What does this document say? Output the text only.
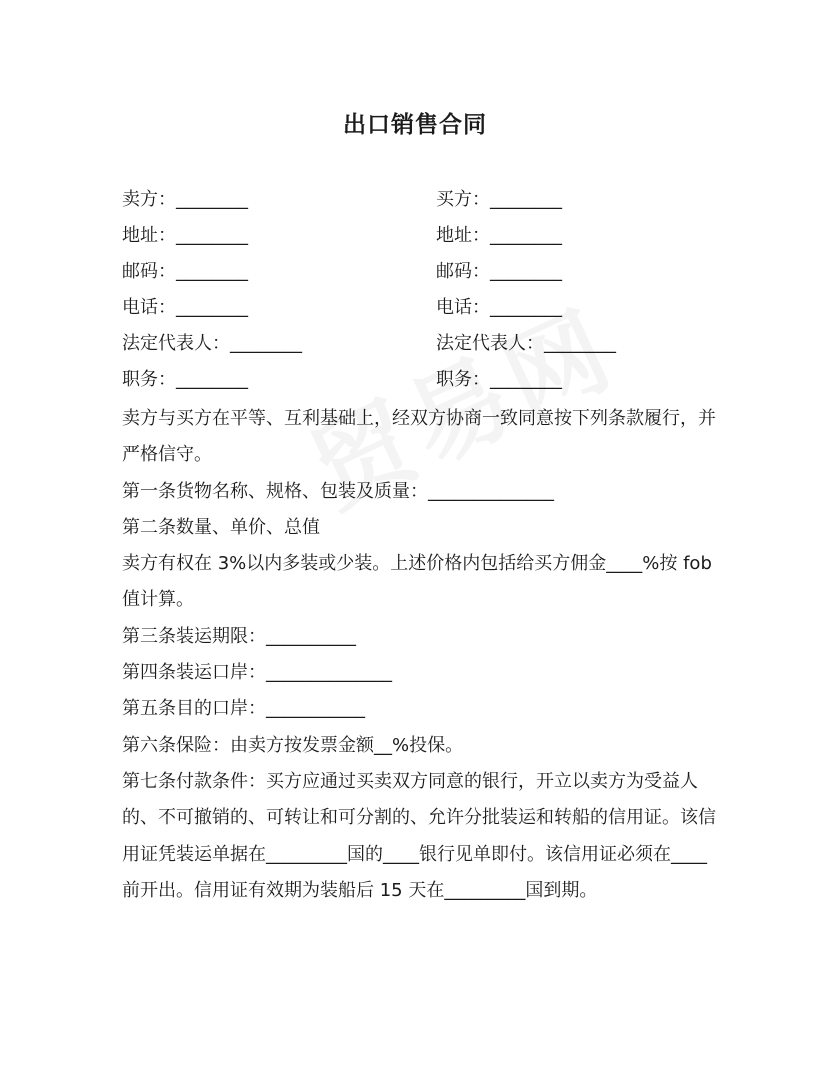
出口销售合同
卖方：________	买方：________
地址：________	地址：________
邮码：________	邮码：________
电话：________	电话：________
法定代表人：________	法定代表人：________
职务：________	职务：________

卖方与买方在平等、互利基础上，经双方协商一致同意按下列条款履行，并严格信守。

第一条货物名称、规格、包装及质量：______________

第二条数量、单价、总值

卖方有权在 3%以内多装或少装。上述价格内包括给买方佣金____%按 fob 值计算。

第三条装运期限：__________

第四条装运口岸：______________

第五条目的口岸：___________

第六条保险：由卖方按发票金额__%投保。

第七条付款条件：买方应通过买卖双方同意的银行，开立以卖方为受益人的、不可撤销的、可转让和可分割的、允许分批装运和转船的信用证。该信用证凭装运单据在_________国的____银行见单即付。该信用证必须在____前开出。信用证有效期为装船后 15 天在_________国到期。
